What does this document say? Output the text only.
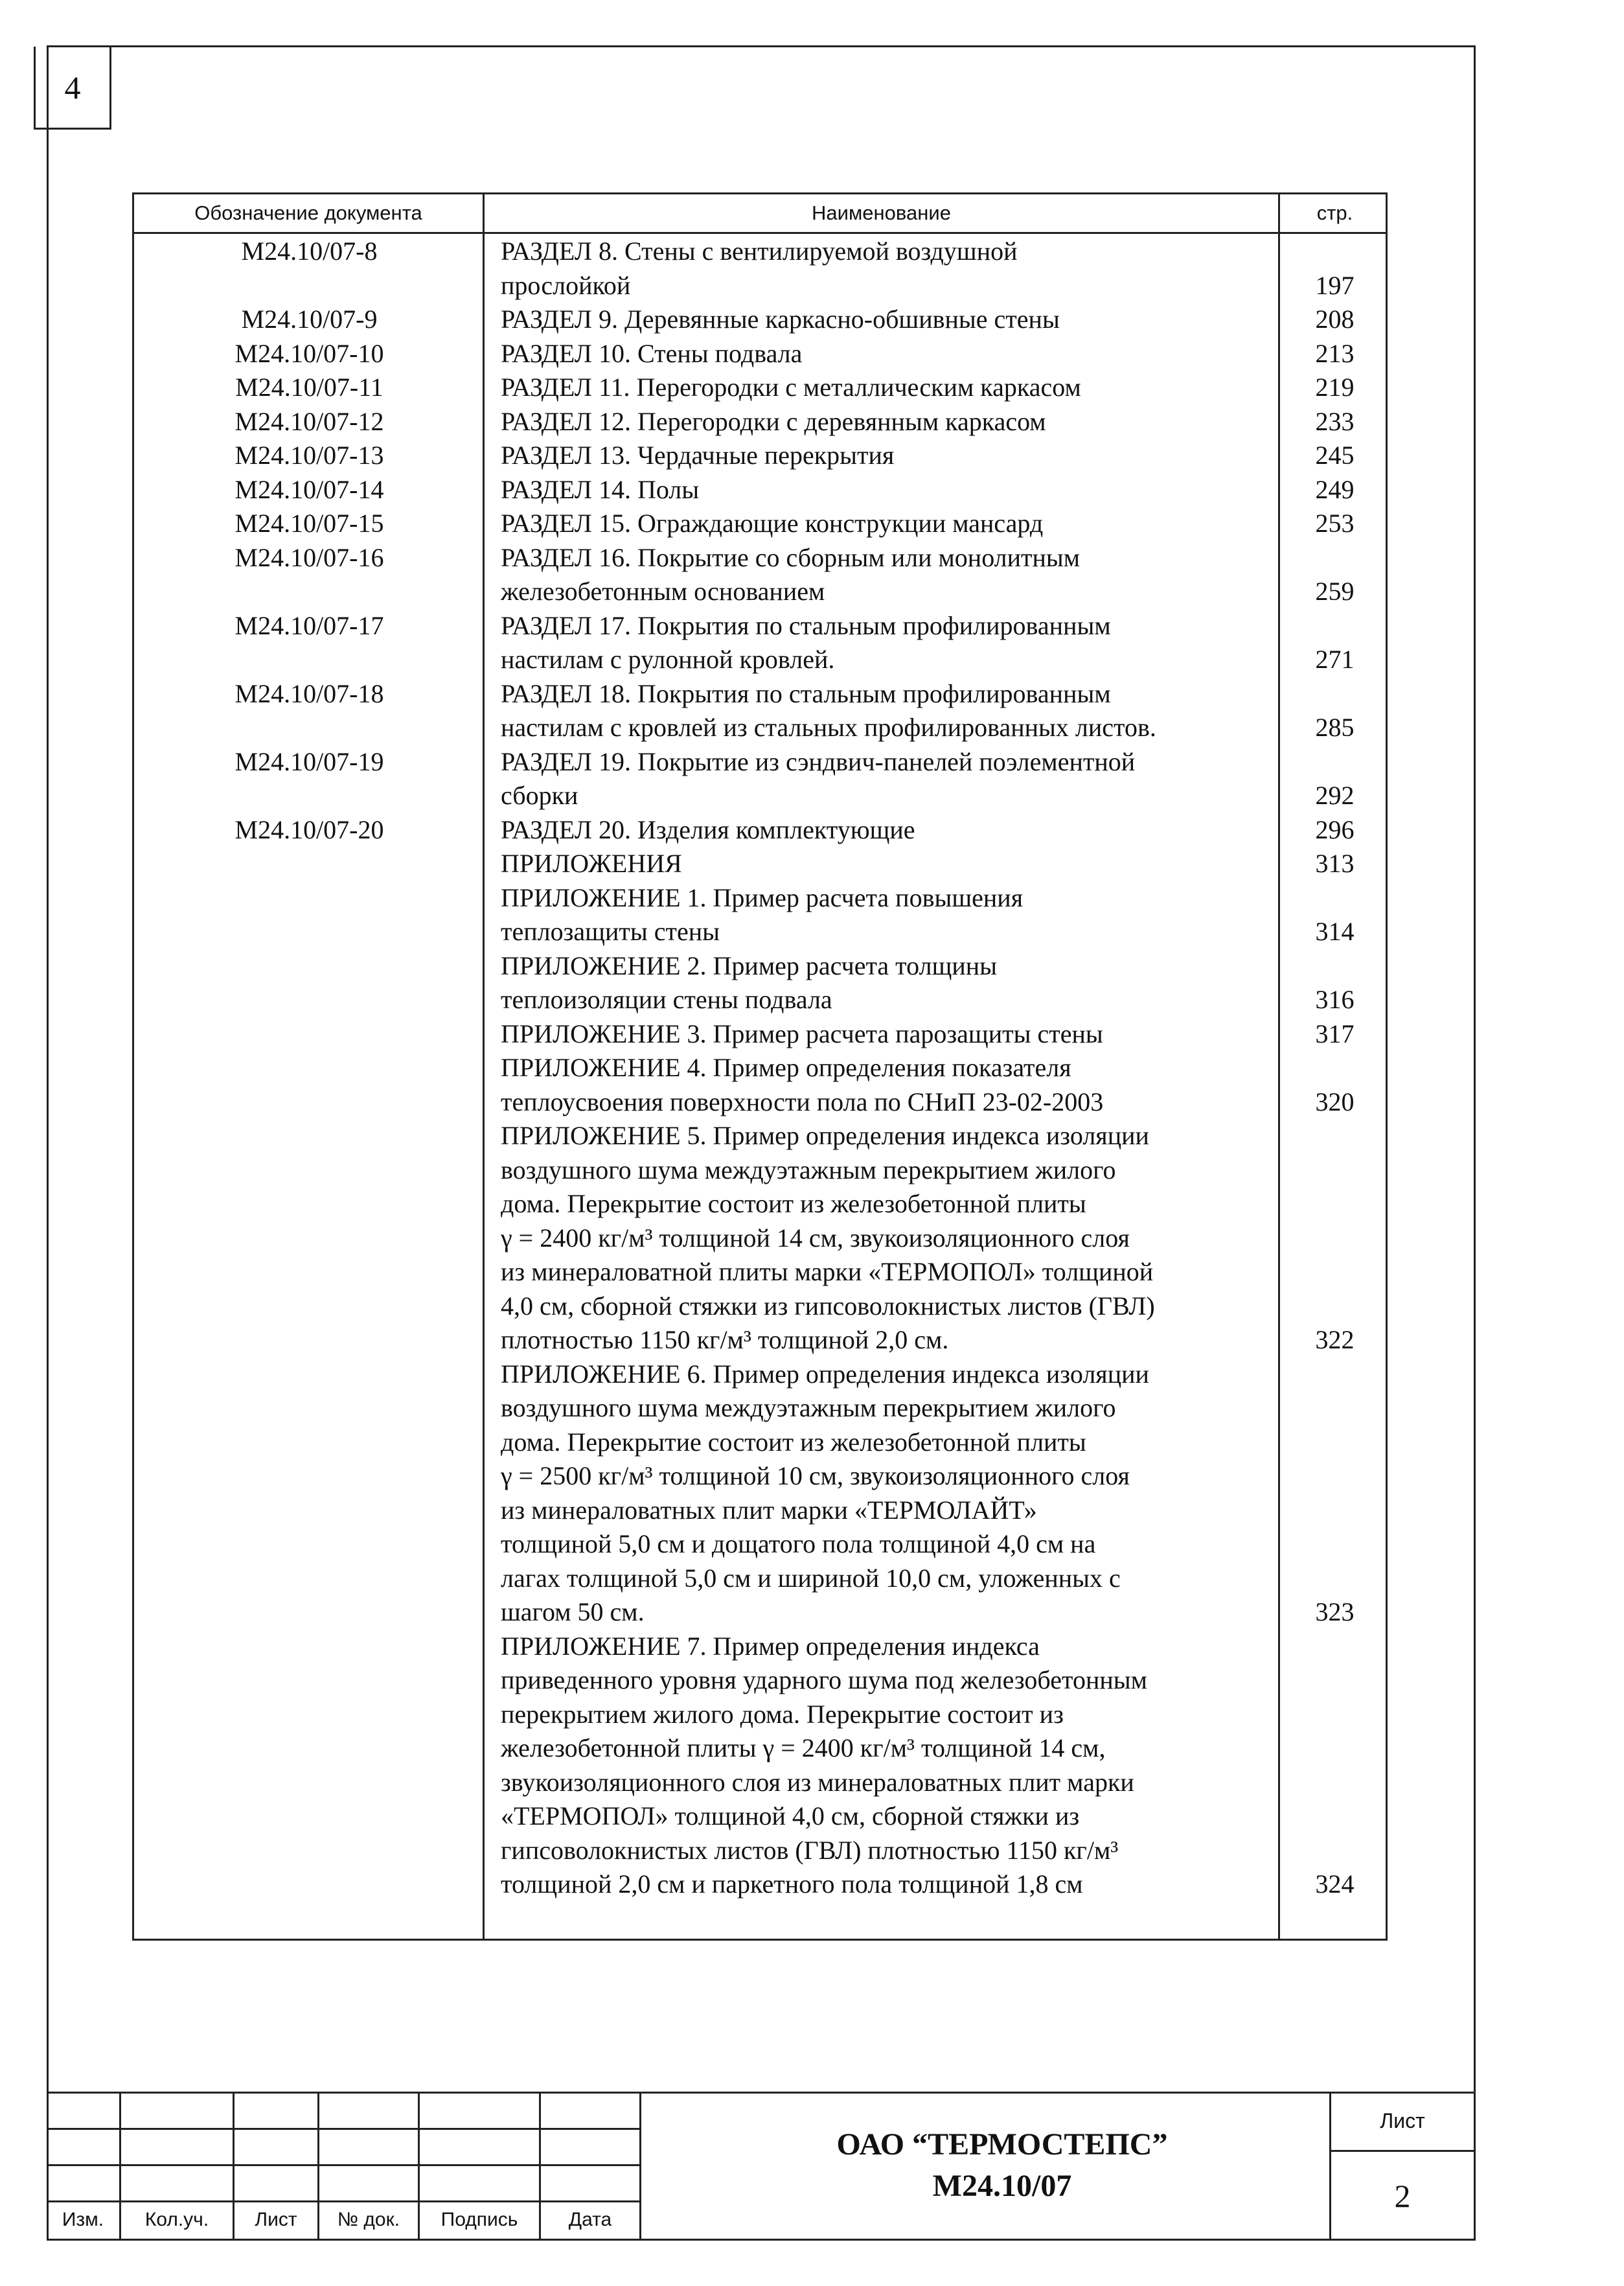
4
Обозначение документа	Наименование	стр.
М24.10/07-8	РАЗДЕЛ 8. Стены с вентилируемой воздушной
прослойкой	197
М24.10/07-9	РАЗДЕЛ 9. Деревянные каркасно-обшивные стены	208
М24.10/07-10	РАЗДЕЛ 10. Стены подвала	213
М24.10/07-11	РАЗДЕЛ 11. Перегородки с металлическим каркасом	219
М24.10/07-12	РАЗДЕЛ 12. Перегородки с деревянным каркасом	233
М24.10/07-13	РАЗДЕЛ 13. Чердачные перекрытия	245
М24.10/07-14	РАЗДЕЛ 14. Полы	249
М24.10/07-15	РАЗДЕЛ 15. Ограждающие конструкции мансард	253
М24.10/07-16	РАЗДЕЛ 16. Покрытие со сборным или монолитным
железобетонным основанием	259
М24.10/07-17	РАЗДЕЛ 17. Покрытия по стальным профилированным
настилам с рулонной кровлей.	271
М24.10/07-18	РАЗДЕЛ 18. Покрытия по стальным профилированным
настилам с кровлей из стальных профилированных листов.	285
М24.10/07-19	РАЗДЕЛ 19. Покрытие из сэндвич-панелей поэлементной
сборки	292
М24.10/07-20	РАЗДЕЛ 20. Изделия комплектующие	296
ПРИЛОЖЕНИЯ	313
ПРИЛОЖЕНИЕ 1. Пример расчета повышения
теплозащиты стены	314
ПРИЛОЖЕНИЕ 2. Пример расчета толщины
теплоизоляции стены подвала	316
ПРИЛОЖЕНИЕ 3. Пример расчета парозащиты стены	317
ПРИЛОЖЕНИЕ 4. Пример определения показателя
теплоусвоения поверхности пола по СНиП 23-02-2003	320
ПРИЛОЖЕНИЕ 5. Пример определения индекса изоляции
воздушного шума междуэтажным перекрытием жилого
дома. Перекрытие состоит из железобетонной плиты
γ = 2400 кг/м³ толщиной 14 см, звукоизоляционного слоя
из минераловатной плиты марки «ТЕРМОПОЛ» толщиной
4,0 см, сборной стяжки из гипсоволокнистых листов (ГВЛ)
плотностью 1150 кг/м³ толщиной 2,0 см.	322
ПРИЛОЖЕНИЕ 6. Пример определения индекса изоляции
воздушного шума междуэтажным перекрытием жилого
дома. Перекрытие состоит из железобетонной плиты
γ = 2500 кг/м³ толщиной 10 см, звукоизоляционного слоя
из минераловатных плит марки «ТЕРМОЛАЙТ»
толщиной 5,0 см и дощатого пола толщиной 4,0 см на
лагах толщиной 5,0 см и шириной 10,0 см, уложенных с
шагом 50 см.	323
ПРИЛОЖЕНИЕ 7. Пример определения индекса
приведенного уровня ударного шума под железобетонным
перекрытием жилого дома. Перекрытие состоит из
железобетонной плиты γ = 2400 кг/м³ толщиной 14 см,
звукоизоляционного слоя из минераловатных плит марки
«ТЕРМОПОЛ» толщиной 4,0 см, сборной стяжки из
гипсоволокнистых листов (ГВЛ) плотностью 1150 кг/м³
толщиной 2,0 см и паркетного пола толщиной 1,8 см	324
Изм.	Кол.уч.	Лист	№ док.	Подпись	Дата
ОАО “ТЕРМОСТЕПС”
М24.10/07
Лист
2
